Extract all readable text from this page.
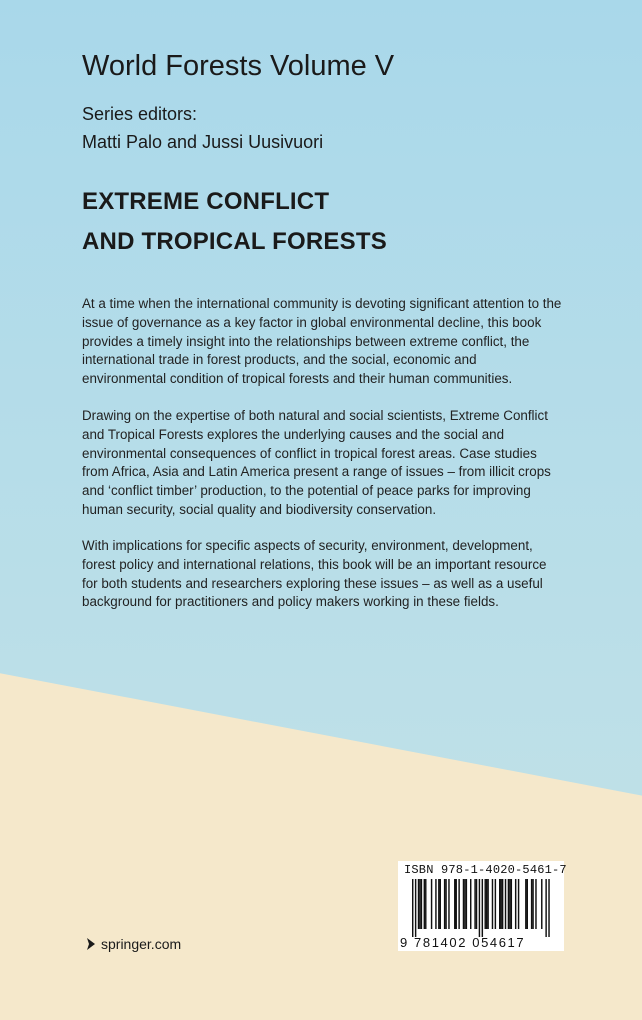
World Forests Volume V
Series editors:
Matti Palo and Jussi Uusivuori
EXTREME CONFLICT
AND TROPICAL FORESTS
At a time when the international community is devoting significant attention to the issue of governance as a key factor in global environmental decline, this book provides a timely insight into the relationships between extreme conflict, the international trade in forest products, and the social, economic and environmental condition of tropical forests and their human communities.
Drawing on the expertise of both natural and social scientists, Extreme Conflict and Tropical Forests explores the underlying causes and the social and environmental consequences of conflict in tropical forest areas. Case studies from Africa, Asia and Latin America present a range of issues – from illicit crops and ‘conflict timber’ production, to the potential of peace parks for improving human security, social quality and biodiversity conservation.
With implications for specific aspects of security, environment, development, forest policy and international relations, this book will be an important resource for both students and researchers exploring these issues – as well as a useful background for practitioners and policy makers working in these fields.
springer.com
ISBN 978-1-4020-5461-7
9 781402 054617
